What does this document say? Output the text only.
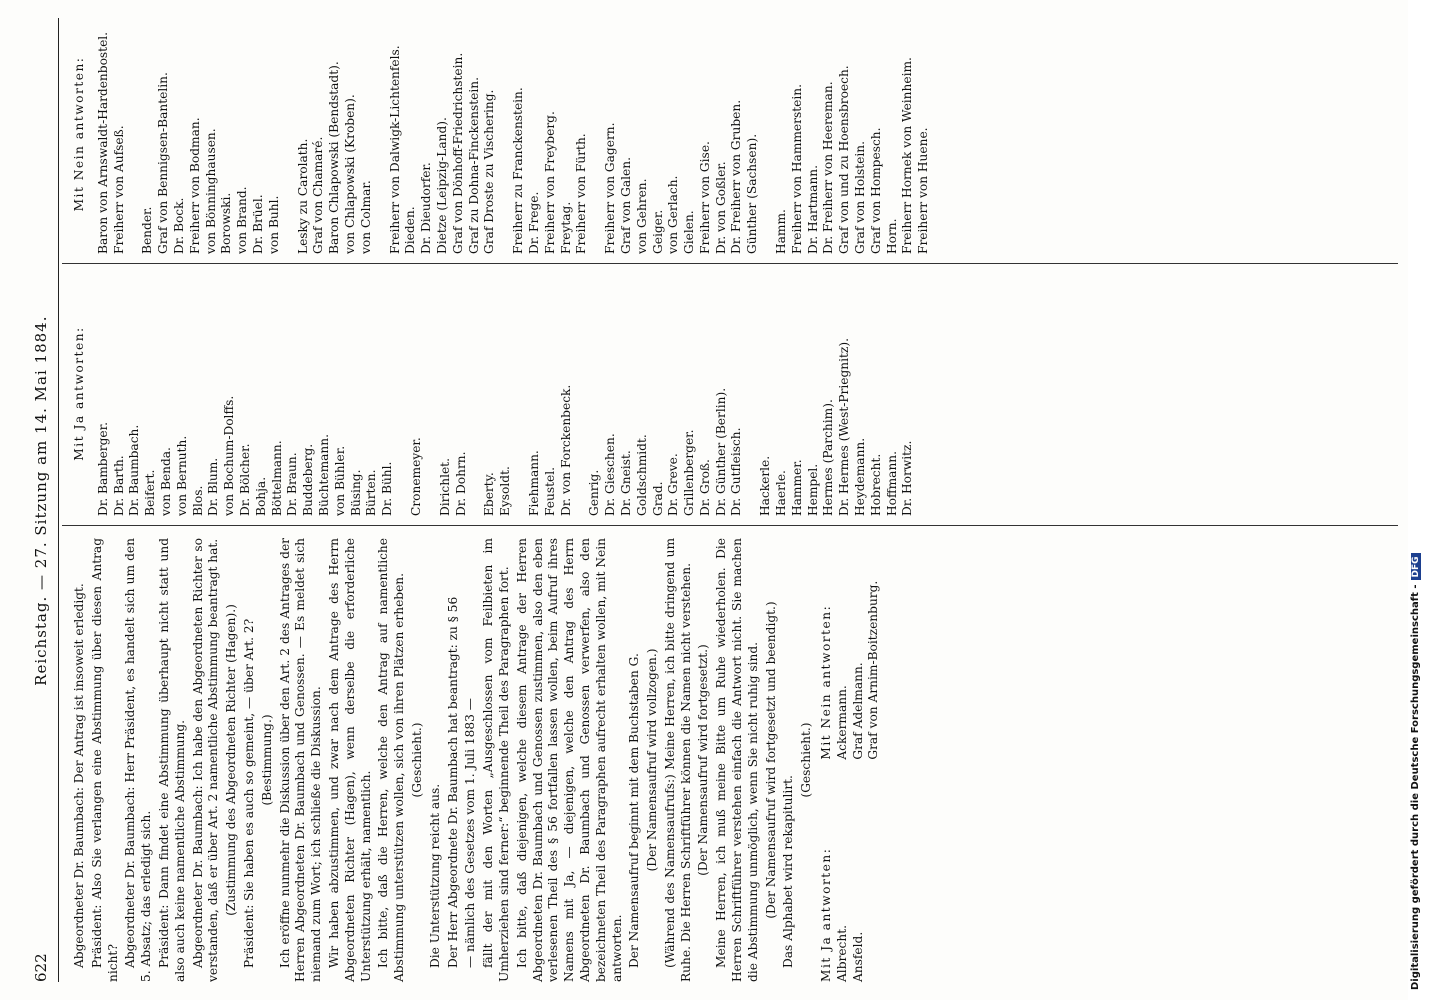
622
Reichstag. — 27. Sitzung am 14. Mai 1884.

Abgeordneter Dr. Baumbach: Der Antrag ist insoweit erledigt. Präsident: Also Sie verlangen eine Abstimmung über diesen Antrag nicht? Abgeordneter Dr. Baumbach: Herr Präsident, es handelt sich um den 5. Absatz; das erledigt sich. Präsident: Dann findet eine Abstimmung überhaupt nicht statt und also auch keine namentliche Abstimmung. Abgeordneter Dr. Baumbach: Ich habe den Abgeordneten Richter so verstanden, daß er über Art. 2 namentliche Abstimmung beantragt hat. (Zustimmung des Abgeordneten Richter (Hagen).) Präsident: Sie haben es auch so gemeint, — über Art. 2? (Bestimmung.) Ich eröffne nunmehr die Diskussion über den Art. 2 des Antrages der Herren Abgeordneten Dr. Baumbach und Genossen. — Es meldet sich niemand zum Wort; ich schließe die Diskussion. Wir haben abzustimmen, und zwar nach dem Antrage des Herrn Abgeordneten Richter (Hagen), wenn derselbe die erforderliche Unterstützung erhält, namentlich. Ich bitte, daß die Herren, welche den Antrag auf namentliche Abstimmung unterstützen wollen, sich von ihren Plätzen erheben. (Geschieht.)

Die Unterstützung reicht aus. Der Herr Abgeordnete Dr. Baumbach hat beantragt: zu § 56 — nämlich des Gesetzes vom 1. Juli 1883 — fällt der mit den Worten „Ausgeschlossen vom Feilbieten im Umherziehen sind ferner:“ beginnende Theil des Paragraphen fort. Ich bitte, daß diejenigen, welche diesem Antrage der Herren Abgeordneten Dr. Baumbach und Genossen zustimmen, also den eben verlesenen Theil des § 56 fortfallen lassen wollen, beim Aufruf ihres Namens mit Ja, — diejenigen, welche den Antrag des Herrn Abgeordneten Dr. Baumbach und Genossen verwerfen, also den bezeichneten Theil des Paragraphen aufrecht erhalten wollen, mit Nein antworten. Der Namensaufruf beginnt mit dem Buchstaben G. (Der Namensaufruf wird vollzogen.) (Während des Namensaufrufs:) Meine Herren, ich bitte dringend um Ruhe. Die Herren Schriftführer können die Namen nicht verstehen. (Der Namensaufruf wird fortgesetzt.) Meine Herren, ich muß meine Bitte um Ruhe wiederholen. Die Herren Schriftführer verstehen einfach die Antwort nicht. Sie machen die Abstimmung unmöglich, wenn Sie nicht ruhig sind. (Der Namensaufruf wird fortgesetzt und beendigt.) Das Alphabet wird rekapitulirt.

(Geschieht.)

Mit Ja antworten: Albrecht. Ansfeld.
Mit Nein antworten: Ackermann. Graf Adelmann. Graf von Arnim-Boitzenburg.
Mit Ja antworten:
Dr. Bamberger. Dr. Barth. Dr. Baumbach. Beifert. von Benda. von Bernuth. Blos. Dr. Blum. von Bochum-Dolffs. Dr. Bölcher. Bohja. Böttelmann. Dr. Braun. Buddeberg. Büchtemann. von Bühler. Büsing. Bürten. Dr. Bühl. Cronemeyer. Dirichlet. Dr. Dohrn. Eberty. Eysoldt. Fiehmann. Feustel. Dr. von Forckenbeck. Genrig. Dr. Gieschen. Dr. Gneist. Goldschmidt. Grad. Dr. Greve. Grillenberger. Dr. Groß. Dr. Günther (Berlin). Dr. Gutfleisch. Hackerle. Haerle. Hammer. Hempel. Hermes (Parchim). Dr. Hermes (West-Priegnitz). Heydemann. Hobrecht. Hoffmann. Dr. Horwitz.
Mit Nein antworten: Baron von Arnswaldt-Hardenbostel. Freiherr von Aufseß. Bender. Graf von Bennigsen-Bantelin. Dr. Bock. Freiherr von Bodman. von Bönninghausen. Borowski. von Brand. Dr. Brüel. von Buhl. Lesky zu Carolath. Graf von Chamaré. Baron Chlapowski (Bendstadt). von Chlapowski (Kroben). von Colmar. Freiherr von Dalwigk-Lichtenfels. Dieden. Dr. Dieudorfer. Dietze (Leipzig-Land). Graf von Dönhoff-Friedrichstein. Graf zu Dohna-Finckenstein. Graf Droste zu Vischering. Freiherr zu Franckenstein. Dr. Frege. Freiherr von Freyberg. Freytag. Freiherr von Fürth. Freiherr von Gagern. Graf von Galen. von Gehren. Geiger. von Gerlach. Gielen. Freiherr von Gise. Dr. von Goßler. Dr. Freiherr von Gruben. Günther (Sachsen). Hamm. Freiherr von Hammerstein. Dr. Hartmann. Dr. Freiherr von Heereman. Graf von und zu Hoensbroech. Graf von Holstein. Graf von Hompesch. Horn. Freiherr Hornek von Weinheim. Freiherr von Huene.
Digitalisierung gefördert durch die Deutsche Forschungsgemeinschaft -DFG
